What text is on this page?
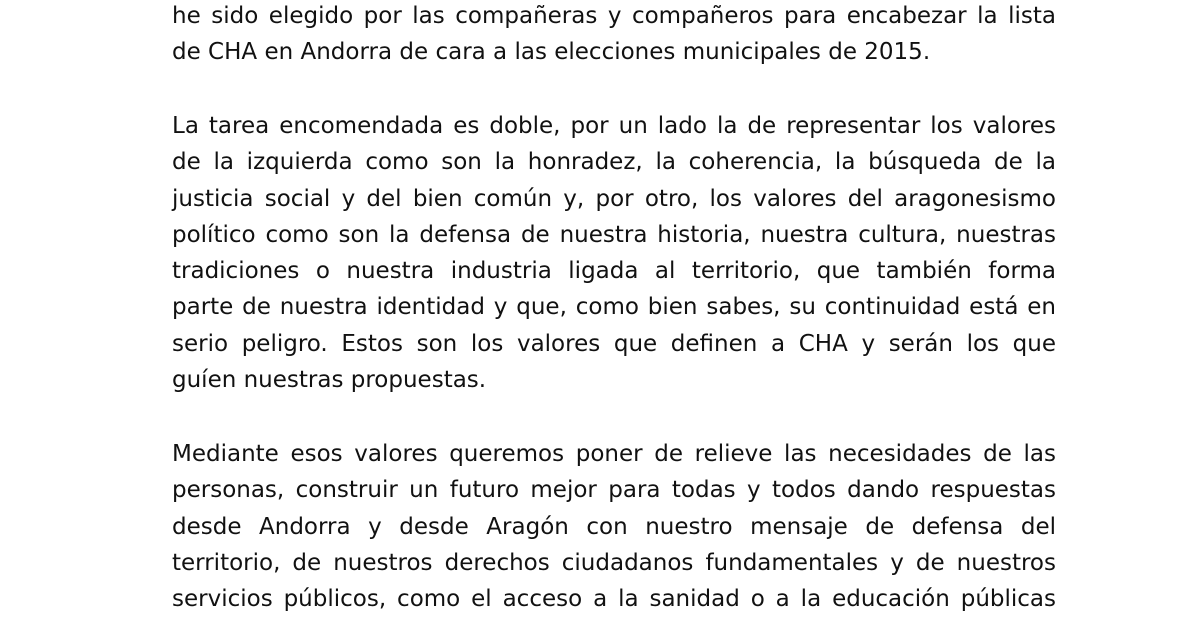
he sido elegido por las compañeras y compañeros para encabezar la lista
de CHA en Andorra de cara a las elecciones municipales de 2015.
La tarea encomendada es doble, por un lado la de representar los valores
de la izquierda como son la honradez, la coherencia, la búsqueda de la
justicia social y del bien común y, por otro, los valores del aragonesismo
político como son la defensa de nuestra historia, nuestra cultura, nuestras
tradiciones o nuestra industria ligada al territorio, que también forma
parte de nuestra identidad y que, como bien sabes, su continuidad está en
serio peligro. Estos son los valores que definen a CHA y serán los que
guíen nuestras propuestas.
Mediante esos valores queremos poner de relieve las necesidades de las
personas, construir un futuro mejor para todas y todos dando respuestas
desde Andorra y desde Aragón con nuestro mensaje de defensa del
territorio, de nuestros derechos ciudadanos fundamentales y de nuestros
servicios públicos, como el acceso a la sanidad o a la educación públicas
